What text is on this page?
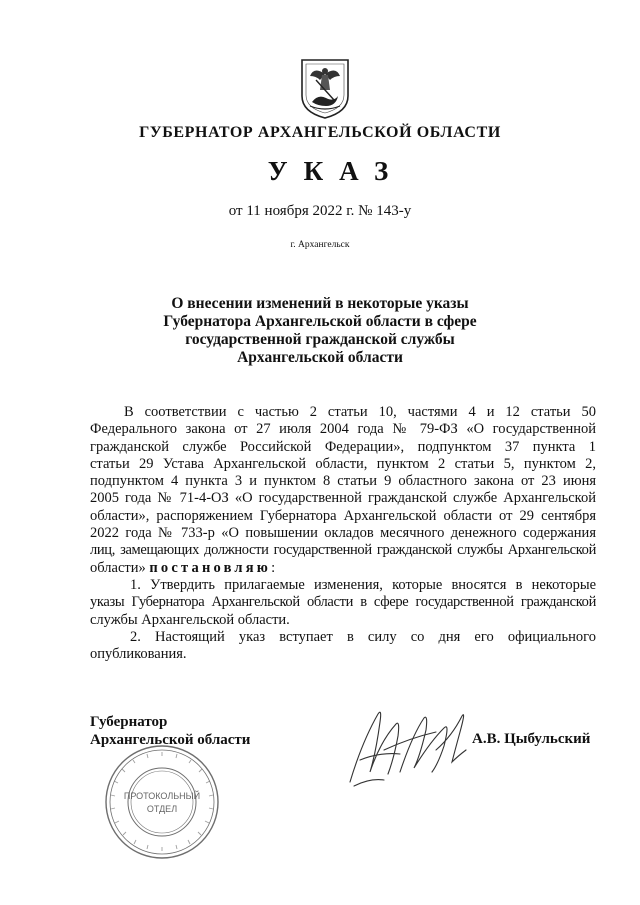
ГУБЕРНАТОР АРХАНГЕЛЬСКОЙ ОБЛАСТИ
УКАЗ
от 11 ноября 2022 г. № 143-у
г. Архангельск
О внесении изменений в некоторые указы
Губернатора Архангельской области в сфере
государственной гражданской службы
Архангельской области
В соответствии с частью 2 статьи 10, частями 4 и 12 статьи 50
Федерального закона от 27 июля 2004 года № 79-ФЗ «О государственной
гражданской службе Российской Федерации», подпунктом 37 пункта 1
статьи 29 Устава Архангельской области, пунктом 2 статьи 5, пунктом 2,
подпунктом 4 пункта 3 и пунктом 8 статьи 9 областного закона от 23 июня
2005 года № 71-4-ОЗ «О государственной гражданской службе Архангельской
области», распоряжением Губернатора Архангельской области от 29 сентября
2022 года № 733-р «О повышении окладов месячного денежного содержания
лиц, замещающих должности государственной гражданской службы Архангельской
области» постановляю:
1. Утвердить прилагаемые изменения, которые вносятся в некоторые
указы Губернатора Архангельской области в сфере государственной гражданской
службы Архангельской области.
2. Настоящий указ вступает в силу со дня его официального
опубликования.
Губернатор
Архангельской области	А.В. Цыбульский
ПРОТОКОЛЬНЫЙ
ОТДЕЛ
